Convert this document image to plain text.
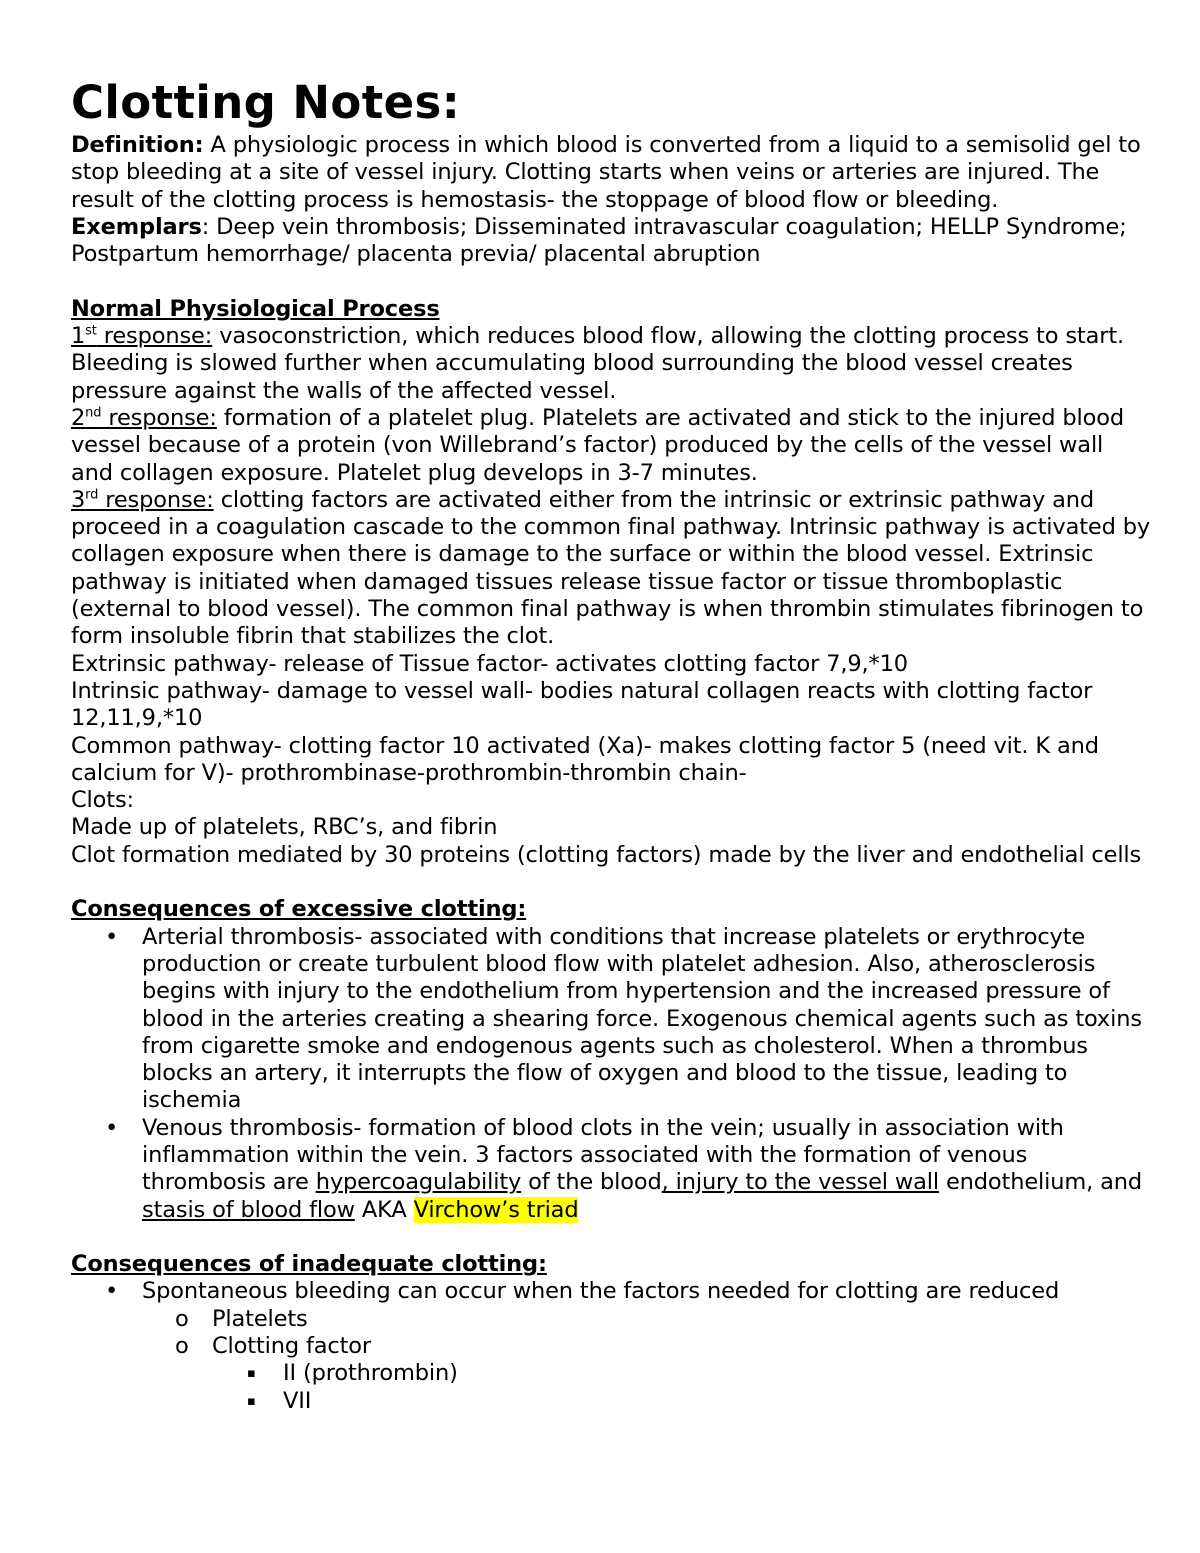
Clotting Notes:

Definition: A physiologic process in which blood is converted from a liquid to a semisolid gel to stop bleeding at a site of vessel injury. Clotting starts when veins or arteries are injured. The result of the clotting process is hemostasis- the stoppage of blood flow or bleeding.

Exemplars: Deep vein thrombosis; Disseminated intravascular coagulation; HELLP Syndrome; Postpartum hemorrhage/ placenta previa/ placental abruption

Normal Physiological Process

1st response: vasoconstriction, which reduces blood flow, allowing the clotting process to start. Bleeding is slowed further when accumulating blood surrounding the blood vessel creates pressure against the walls of the affected vessel.

2nd response: formation of a platelet plug. Platelets are activated and stick to the injured blood vessel because of a protein (von Willebrand’s factor) produced by the cells of the vessel wall and collagen exposure. Platelet plug develops in 3-7 minutes.

3rd response: clotting factors are activated either from the intrinsic or extrinsic pathway and proceed in a coagulation cascade to the common final pathway. Intrinsic pathway is activated by collagen exposure when there is damage to the surface or within the blood vessel. Extrinsic pathway is initiated when damaged tissues release tissue factor or tissue thromboplastic (external to blood vessel). The common final pathway is when thrombin stimulates fibrinogen to form insoluble fibrin that stabilizes the clot.

Extrinsic pathway- release of Tissue factor- activates clotting factor 7,9,*10

Intrinsic pathway- damage to vessel wall- bodies natural collagen reacts with clotting factor 12,11,9,*10

Common pathway- clotting factor 10 activated (Xa)- makes clotting factor 5 (need vit. K and calcium for V)- prothrombinase-prothrombin-thrombin chain-

Clots:

Made up of platelets, RBC’s, and fibrin

Clot formation mediated by 30 proteins (clotting factors) made by the liver and endothelial cells

Consequences of excessive clotting:

• Arterial thrombosis- associated with conditions that increase platelets or erythrocyte production or create turbulent blood flow with platelet adhesion. Also, atherosclerosis begins with injury to the endothelium from hypertension and the increased pressure of blood in the arteries creating a shearing force. Exogenous chemical agents such as toxins from cigarette smoke and endogenous agents such as cholesterol. When a thrombus blocks an artery, it interrupts the flow of oxygen and blood to the tissue, leading to ischemia
• Venous thrombosis- formation of blood clots in the vein; usually in association with inflammation within the vein. 3 factors associated with the formation of venous thrombosis are hypercoagulability of the blood, injury to the vessel wall endothelium, and stasis of blood flow AKA Virchow’s triad

Consequences of inadequate clotting:

• Spontaneous bleeding can occur when the factors needed for clotting are reduced
o Platelets
o Clotting factor
▪ II (prothrombin)
▪ VII
